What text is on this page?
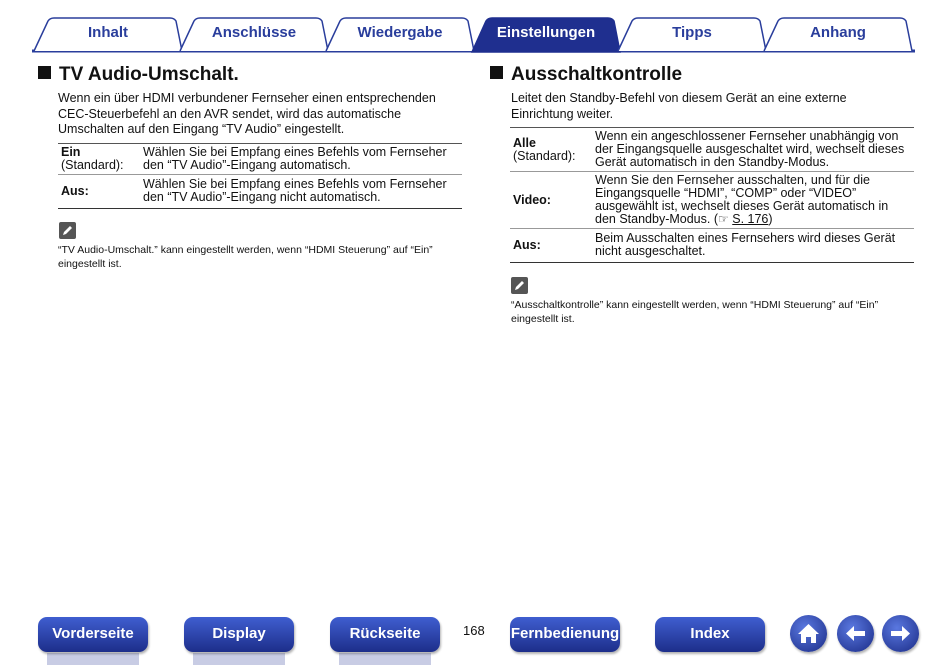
Inhalt	Anschlüsse	Wiedergabe	Einstellungen	Tipps	Anhang
TV Audio-Umschalt.
Wenn ein über HDMI verbundener Fernseher einen entsprechenden CEC-Steuerbefehl an den AVR sendet, wird das automatische Umschalten auf den Eingang “TV Audio” eingestellt.
Ein
(Standard):	Wählen Sie bei Empfang eines Befehls vom Fernseher den “TV Audio”-Eingang automatisch.
Aus:	Wählen Sie bei Empfang eines Befehls vom Fernseher den “TV Audio”-Eingang nicht automatisch.
“TV Audio-Umschalt.” kann eingestellt werden, wenn “HDMI Steuerung” auf “Ein” eingestellt ist.
Ausschaltkontrolle
Leitet den Standby-Befehl von diesem Gerät an eine externe Einrichtung weiter.
Alle
(Standard):	Wenn ein angeschlossener Fernseher unabhängig von der Eingangsquelle ausgeschaltet wird, wechselt dieses Gerät automatisch in den Standby-Modus.
Video:	Wenn Sie den Fernseher ausschalten, und für die Eingangsquelle “HDMI”, “COMP” oder “VIDEO” ausgewählt ist, wechselt dieses Gerät automatisch in den Standby-Modus. (☞ S. 176)
Aus:	Beim Ausschalten eines Fernsehers wird dieses Gerät nicht ausgeschaltet.
“Ausschaltkontrolle” kann eingestellt werden, wenn “HDMI Steuerung” auf “Ein” eingestellt ist.
Vorderseite	Display	Rückseite	168 Fernbedienung	Index
